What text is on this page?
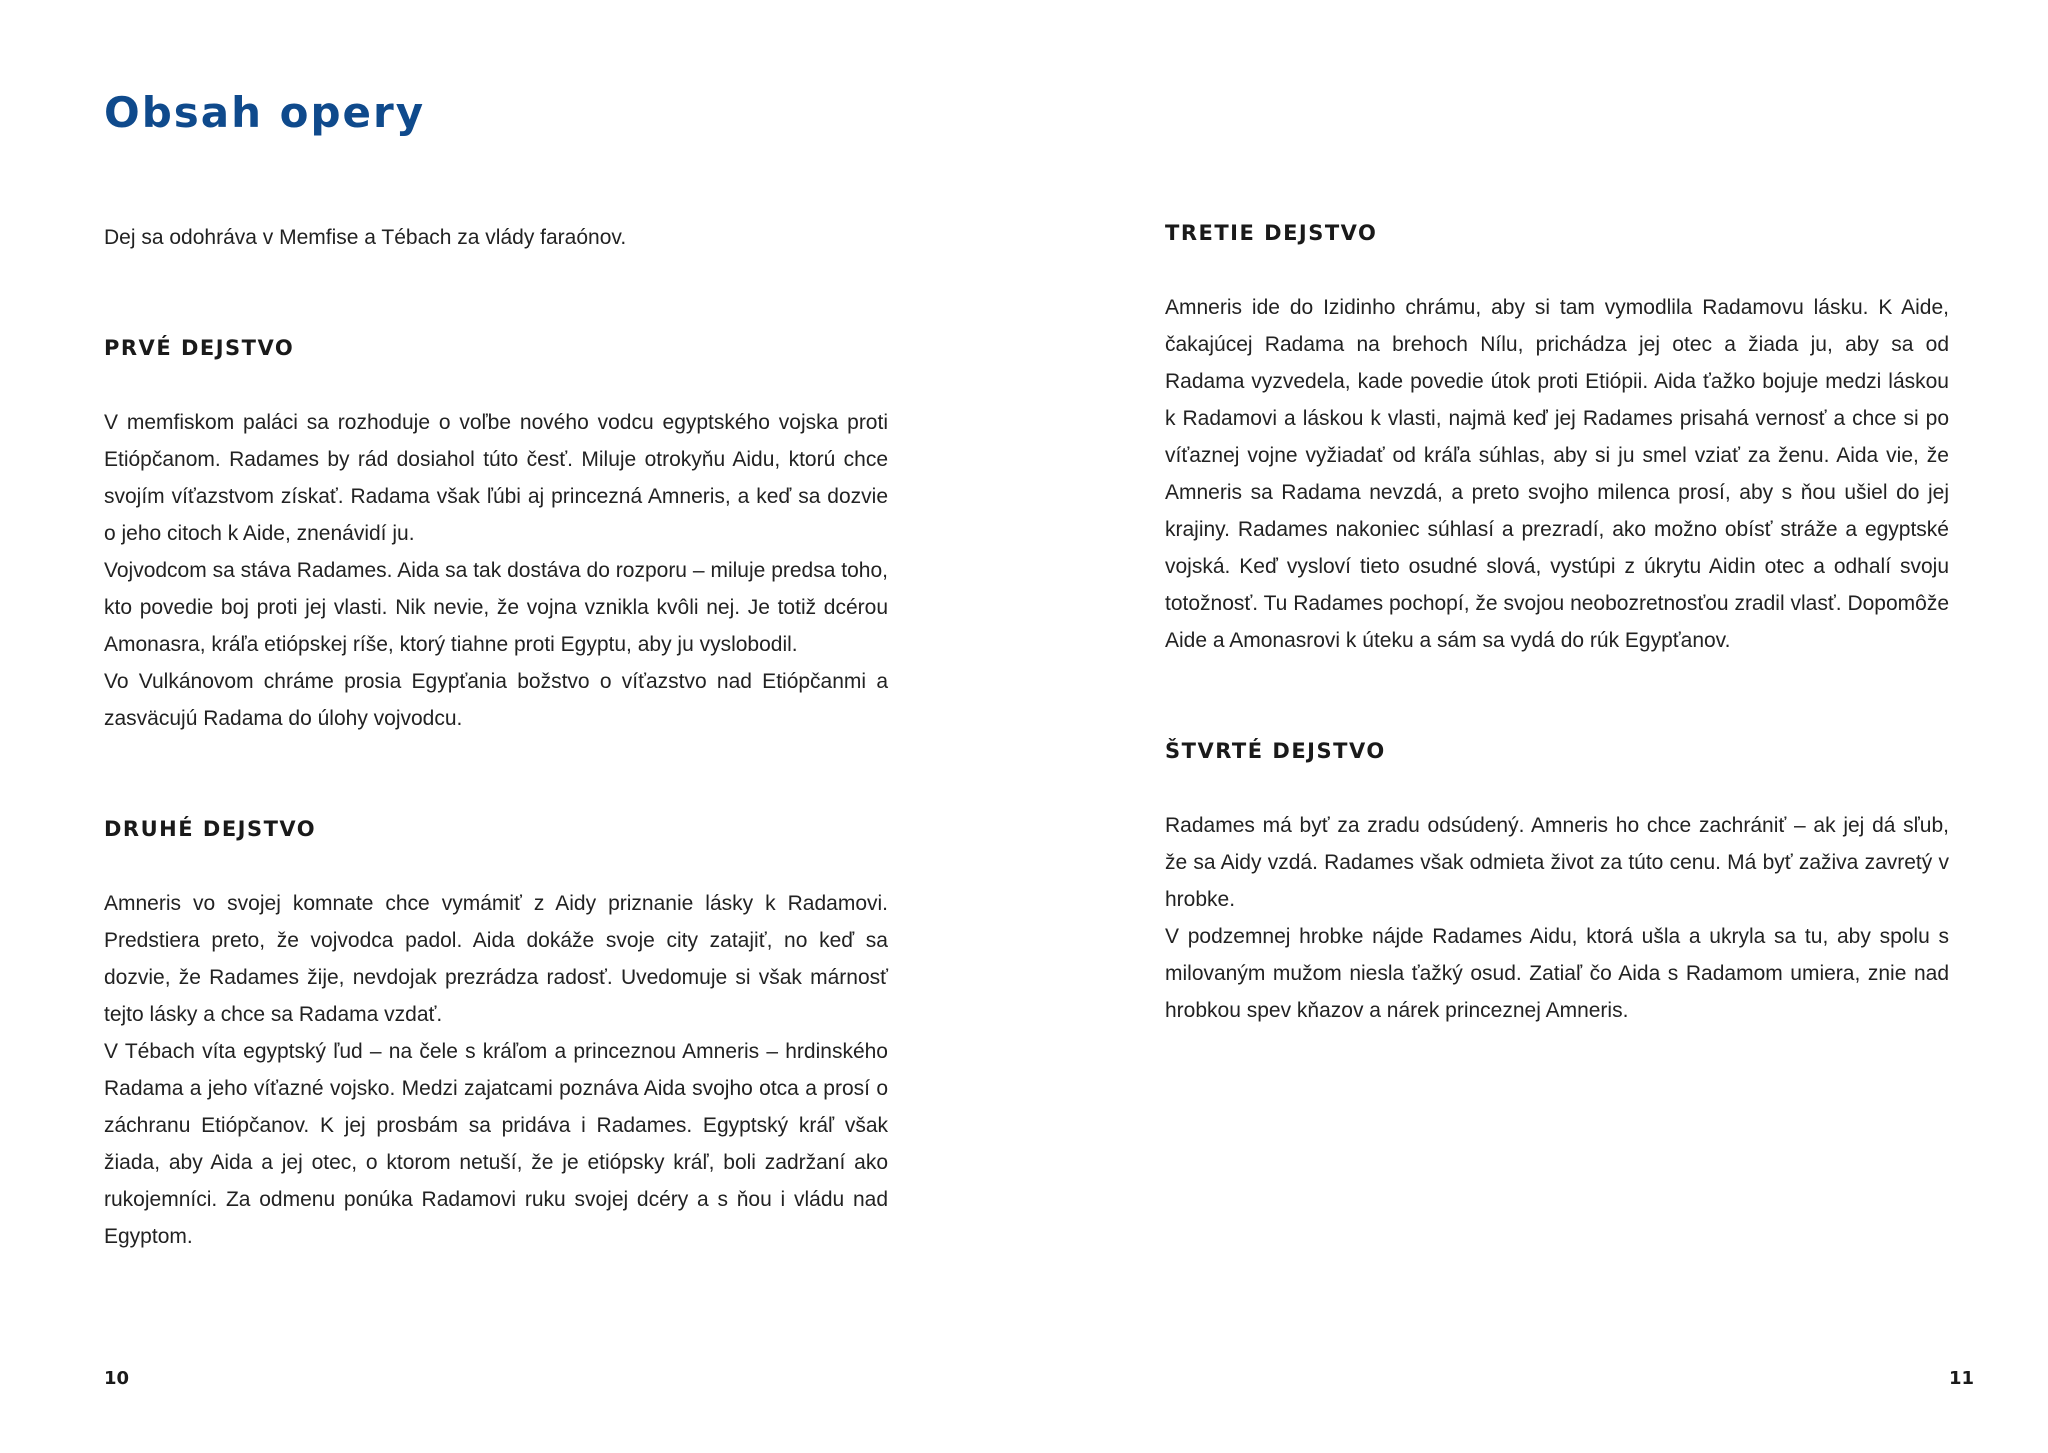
Obsah opery

Dej sa odohráva v Memfise a Tébach za vlády faraónov.

PRVÉ DEJSTVO

V memfiskom paláci sa rozhoduje o voľbe nového vodcu egyptského vojska proti Etiópčanom. Radames by rád dosiahol túto česť. Miluje otrokyňu Aidu, ktorú chce svojím víťazstvom získať. Radama však ľúbi aj princezná Amneris, a keď sa dozvie o jeho citoch k Aide, znenávidí ju.

Vojvodcom sa stáva Radames. Aida sa tak dostáva do rozporu – miluje predsa toho, kto povedie boj proti jej vlasti. Nik nevie, že vojna vznikla kvôli nej. Je totiž dcérou Amonasra, kráľa etiópskej ríše, ktorý tiahne proti Egyptu, aby ju vyslobodil.

Vo Vulkánovom chráme prosia Egypťania božstvo o víťazstvo nad Etiópčanmi a zasväcujú Radama do úlohy vojvodcu.

DRUHÉ DEJSTVO

Amneris vo svojej komnate chce vymámiť z Aidy priznanie lásky k Radamovi. Predstiera preto, že vojvodca padol. Aida dokáže svoje city zatajiť, no keď sa dozvie, že Radames žije, nevdojak prezrádza radosť. Uvedomuje si však márnosť tejto lásky a chce sa Radama vzdať.

V Tébach víta egyptský ľud – na čele s kráľom a princeznou Amneris – hrdinského Radama a jeho víťazné vojsko. Medzi zajatcami poznáva Aida svojho otca a prosí o záchranu Etiópčanov. K jej prosbám sa pridáva i Radames. Egyptský kráľ však žiada, aby Aida a jej otec, o ktorom netuší, že je etiópsky kráľ, boli zadržaní ako rukojemníci. Za odmenu ponúka Radamovi ruku svojej dcéry a s ňou i vládu nad Egyptom.

10

TRETIE DEJSTVO

Amneris ide do Izidinho chrámu, aby si tam vymodlila Radamovu lásku. K Aide, čakajúcej Radama na brehoch Nílu, prichádza jej otec a žiada ju, aby sa od Radama vyzvedela, kade povedie útok proti Etiópii. Aida ťažko bojuje medzi láskou k Radamovi a láskou k vlasti, najmä keď jej Radames prisahá vernosť a chce si po víťaznej vojne vyžiadať od kráľa súhlas, aby si ju smel vziať za ženu. Aida vie, že Amneris sa Radama nevzdá, a preto svojho milenca prosí, aby s ňou ušiel do jej krajiny. Radames nakoniec súhlasí a prezradí, ako možno obísť stráže a egyptské vojská. Keď vysloví tieto osudné slová, vystúpi z úkrytu Aidin otec a odhalí svoju totožnosť. Tu Radames pochopí, že svojou neobozretnosťou zradil vlasť. Dopomôže Aide a Amonasrovi k úteku a sám sa vydá do rúk Egypťanov.

ŠTVRTÉ DEJSTVO

Radames má byť za zradu odsúdený. Amneris ho chce zachrániť – ak jej dá sľub, že sa Aidy vzdá. Radames však odmieta život za túto cenu. Má byť zaživa zavretý v hrobke.

V podzemnej hrobke nájde Radames Aidu, ktorá ušla a ukryla sa tu, aby spolu s milovaným mužom niesla ťažký osud. Zatiaľ čo Aida s Radamom umiera, znie nad hrobkou spev kňazov a nárek princeznej Amneris.

11
